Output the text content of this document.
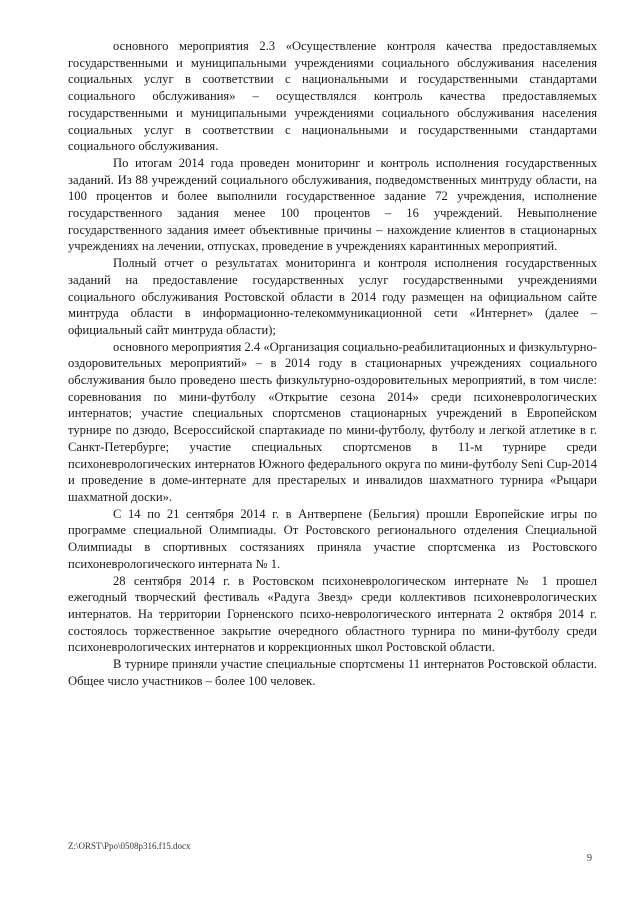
основного мероприятия 2.3 «Осуществление контроля качества предоставляемых государственными и муниципальными учреждениями социального обслуживания населения социальных услуг в соответствии с национальными и государственными стандартами социального обслуживания» – осуществлялся контроль качества предоставляемых государственными и муниципальными учреждениями социального обслуживания населения социальных услуг в соответствии с национальными и государственными стандартами социального обслуживания.

По итогам 2014 года проведен мониторинг и контроль исполнения государственных заданий. Из 88 учреждений социального обслуживания, подведомственных минтруду области, на 100 процентов и более выполнили государственное задание 72 учреждения, исполнение государственного задания менее 100 процентов – 16 учреждений. Невыполнение государственного задания имеет объективные причины – нахождение клиентов в стационарных учреждениях на лечении, отпусках, проведение в учреждениях карантинных мероприятий.

Полный отчет о результатах мониторинга и контроля исполнения государственных заданий на предоставление государственных услуг государственными учреждениями социального обслуживания Ростовской области в 2014 году размещен на официальном сайте минтруда области в информационно-телекоммуникационной сети «Интернет» (далее – официальный сайт минтруда области);

основного мероприятия 2.4 «Организация социально-реабилитационных и физкультурно-оздоровительных мероприятий» – в 2014 году в стационарных учреждениях социального обслуживания было проведено шесть физкультурно-оздоровительных мероприятий, в том числе: соревнования по мини-футболу «Открытие сезона 2014» среди психоневрологических интернатов; участие специальных спортсменов стационарных учреждений в Европейском турнире по дзюдо, Всероссийской спартакиаде по мини-футболу, футболу и легкой атлетике в г. Санкт-Петербурге; участие специальных спортсменов в 11-м турнире среди психоневрологических интернатов Южного федерального округа по мини-футболу Seni Cup-2014 и проведение в доме-интернате для престарелых и инвалидов шахматного турнира «Рыцари шахматной доски».

С 14 по 21 сентября 2014 г. в Антверпене (Бельгия) прошли Европейские игры по программе специальной Олимпиады. От Ростовского регионального отделения Специальной Олимпиады в спортивных состязаниях приняла участие спортсменка из Ростовского психоневрологического интерната № 1.

28 сентября 2014 г. в Ростовском психоневрологическом интернате № 1 прошел ежегодный творческий фестиваль «Радуга Звезд» среди коллективов психоневрологических интернатов. На территории Горненского психо-неврологического интерната 2 октября 2014 г. состоялось торжественное закрытие очередного областного турнира по мини-футболу среди психоневрологических интернатов и коррекционных школ Ростовской области.

В турнире приняли участие специальные спортсмены 11 интернатов Ростовской области. Общее число участников – более 100 человек.

Z:\ORST\Ppo\0508p316.f15.docx
9
